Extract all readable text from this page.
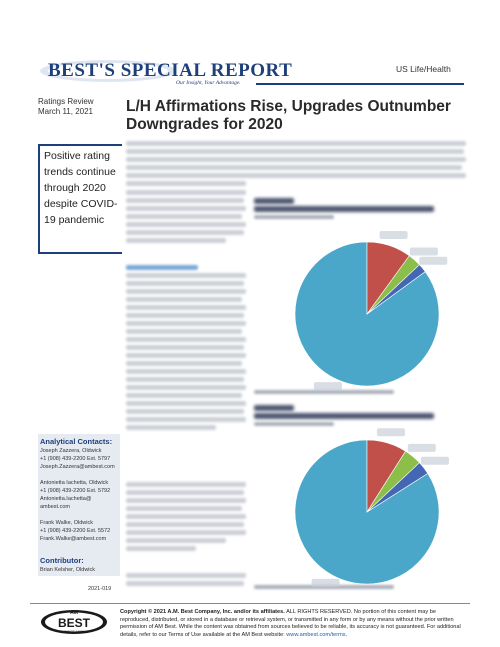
BEST'S SPECIAL REPORT
Our Insight, Your Advantage.
US Life/Health
Ratings Review
March 11, 2021 L/H Affirmations Rise, Upgrades Outnumber Downgrades for 2020
Positive rating trends continue through 2020 despite COVID-19 pandemic
Analytical Contacts:
Joseph Zazzera, Oldwick
+1 (908) 439-2200 Ext. 5797
Joseph.Zazzera@ambest.com
Antonietta Iachetta, Oldwick
+1 (908) 439-2200 Ext. 5792
Antonietta.Iachetta@
ambest.com
Frank Walke, Oldwick
+1 (908) 439-2200 Ext. 5572
Frank.Walke@ambest.com
Contributor:
Brian Kelsher, Oldwick
2021-019
AM
BEST
SINCE 1899
Copyright © 2021 A.M. Best Company, Inc. and/or its affiliates. ALL RIGHTS RESERVED. No portion of this content may be reproduced, distributed, or stored in a database or retrieval system, or transmitted in any form or by any means without the prior written permission of AM Best. While the content was obtained from sources believed to be reliable, its accuracy is not guaranteed. For additional details, refer to our Terms of Use available at the AM Best website: www.ambest.com/terms.
